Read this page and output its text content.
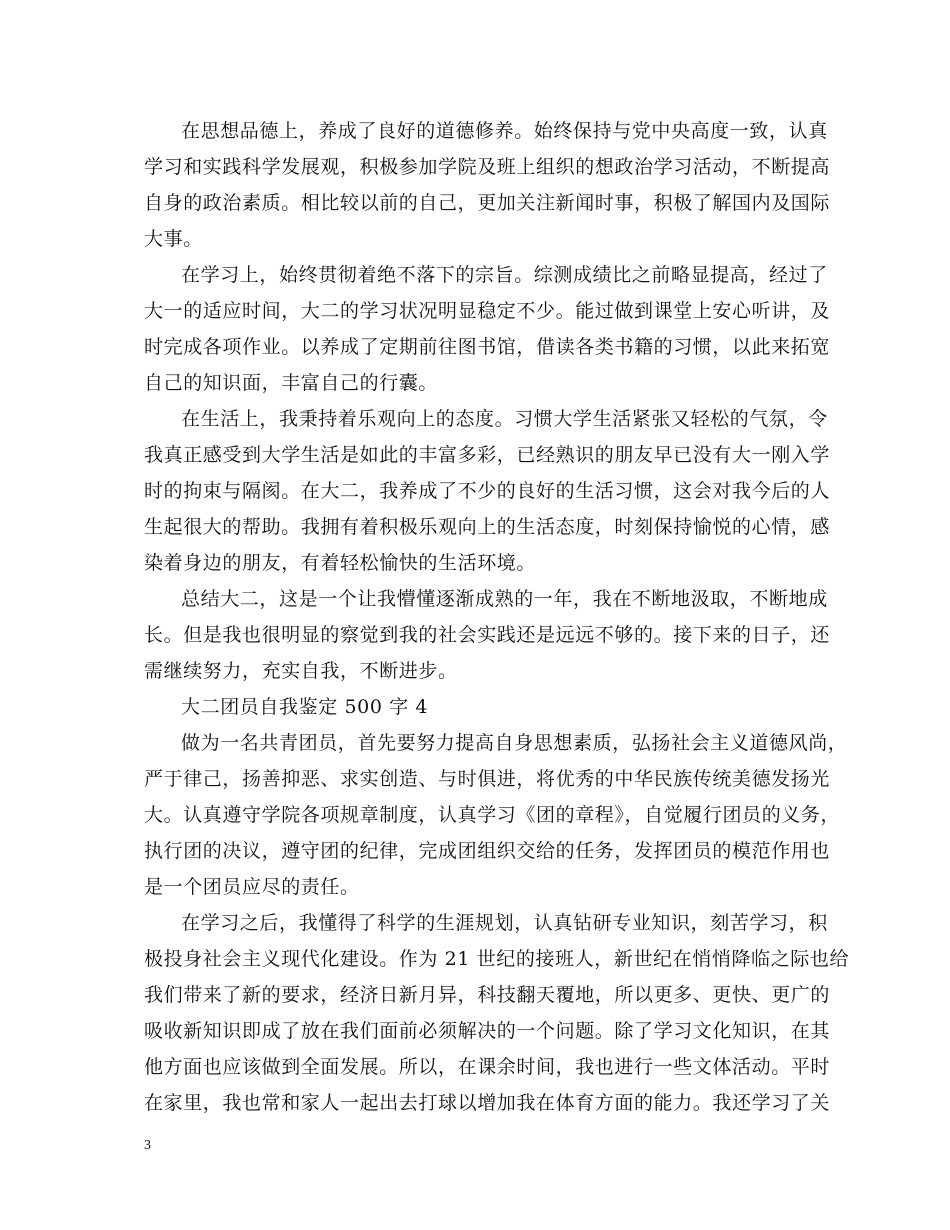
在思想品德上，养成了良好的道德修养。始终保持与党中央高度一致，认真
学习和实践科学发展观，积极参加学院及班上组织的想政治学习活动，不断提高
自身的政治素质。相比较以前的自己，更加关注新闻时事，积极了解国内及国际
大事。
在学习上，始终贯彻着绝不落下的宗旨。综测成绩比之前略显提高，经过了
大一的适应时间，大二的学习状况明显稳定不少。能过做到课堂上安心听讲，及
时完成各项作业。以养成了定期前往图书馆，借读各类书籍的习惯，以此来拓宽
自己的知识面，丰富自己的行囊。
在生活上，我秉持着乐观向上的态度。习惯大学生活紧张又轻松的气氛，令
我真正感受到大学生活是如此的丰富多彩，已经熟识的朋友早已没有大一刚入学
时的拘束与隔阂。在大二，我养成了不少的良好的生活习惯，这会对我今后的人
生起很大的帮助。我拥有着积极乐观向上的生活态度，时刻保持愉悦的心情，感
染着身边的朋友，有着轻松愉快的生活环境。
总结大二，这是一个让我懵懂逐渐成熟的一年，我在不断地汲取，不断地成
长。但是我也很明显的察觉到我的社会实践还是远远不够的。接下来的日子，还
需继续努力，充实自我，不断进步。
大二团员自我鉴定 500 字 4
做为一名共青团员，首先要努力提高自身思想素质，弘扬社会主义道德风尚，
严于律己，扬善抑恶、求实创造、与时俱进，将优秀的中华民族传统美德发扬光
大。认真遵守学院各项规章制度，认真学习《团的章程》，自觉履行团员的义务，
执行团的决议，遵守团的纪律，完成团组织交给的任务，发挥团员的模范作用也
是一个团员应尽的责任。
在学习之后，我懂得了科学的生涯规划，认真钻研专业知识，刻苦学习，积
极投身社会主义现代化建设。作为 21 世纪的接班人，新世纪在悄悄降临之际也给
我们带来了新的要求，经济日新月异，科技翻天覆地，所以更多、更快、更广的
吸收新知识即成了放在我们面前必须解决的一个问题。除了学习文化知识，在其
他方面也应该做到全面发展。所以，在课余时间，我也进行一些文体活动。平时
在家里，我也常和家人一起出去打球以增加我在体育方面的能力。我还学习了关
3
